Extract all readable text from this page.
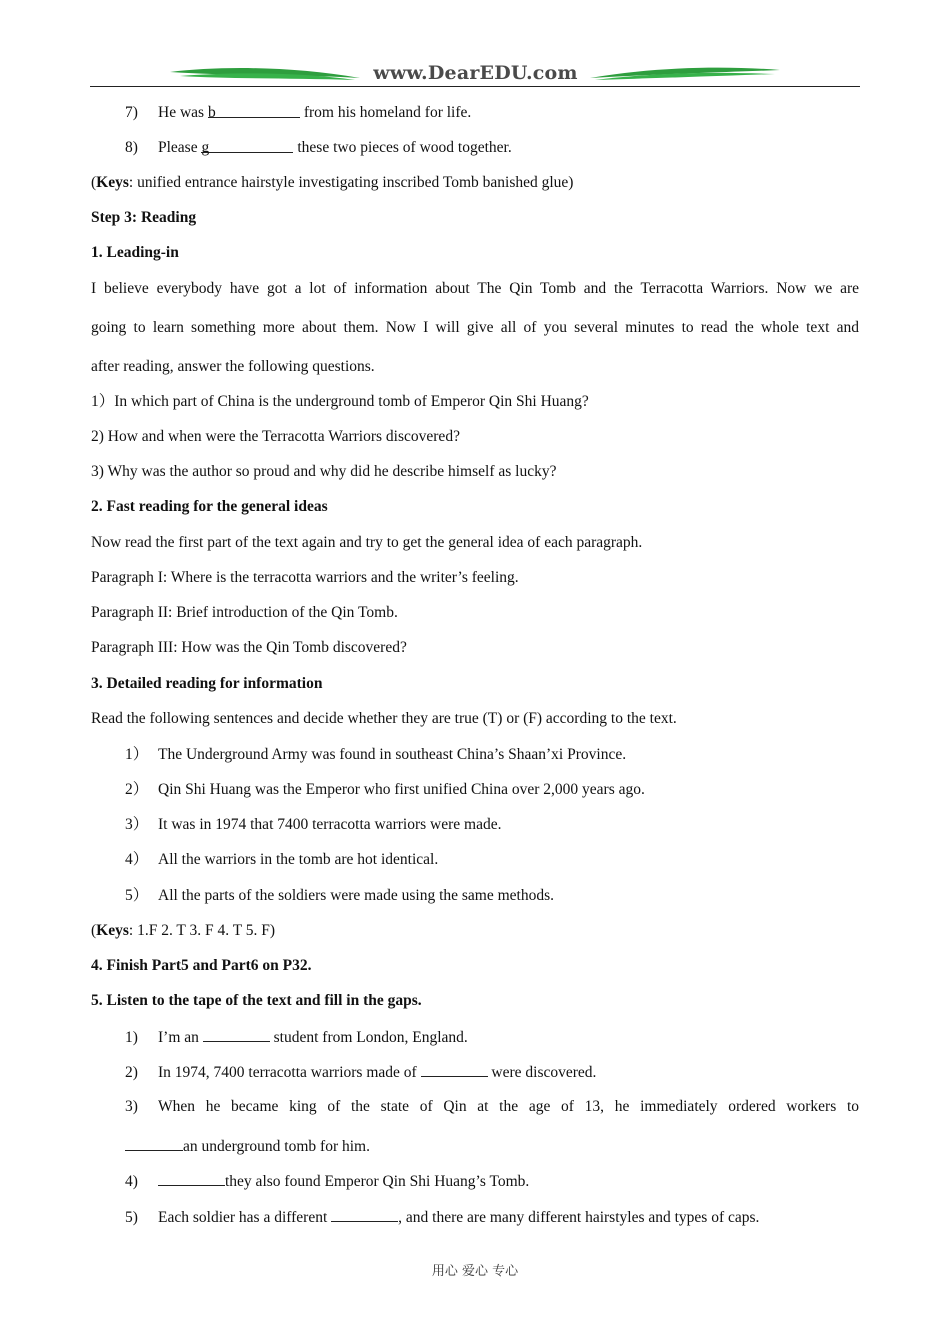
www.DearEDU.com
7) He was b	from his homeland for life.
8) Please g	these two pieces of wood together.
(Keys: unified entrance hairstyle investigating inscribed Tomb banished glue)
Step 3: Reading
1. Leading-in
I believe everybody have got a lot of information about The Qin Tomb and the Terracotta Warriors. Now we are
going to learn something more about them. Now I will give all of you several minutes to read the whole text and
after reading, answer the following questions.
1）In which part of China is the underground tomb of Emperor Qin Shi Huang?
2) How and when were the Terracotta Warriors discovered?
3) Why was the author so proud and why did he describe himself as lucky?
2. Fast reading for the general ideas
Now read the first part of the text again and try to get the general idea of each paragraph.
Paragraph I: Where is the terracotta warriors and the writer’s feeling.
Paragraph II: Brief introduction of the Qin Tomb.
Paragraph III: How was the Qin Tomb discovered?
3. Detailed reading for information
Read the following sentences and decide whether they are true (T) or (F) according to the text.
1） The Underground Army was found in southeast China’s Shaan’xi Province.
2） Qin Shi Huang was the Emperor who first unified China over 2,000 years ago.
3） It was in 1974 that 7400 terracotta warriors were made.
4） All the warriors in the tomb are hot identical.
5） All the parts of the soldiers were made using the same methods.
(Keys: 1.F 2. T 3. F 4. T 5. F)
4. Finish Part5 and Part6 on P32.
5. Listen to the tape of the text and fill in the gaps.
1) I’m an	student from London, England.
2) In 1974, 7400 terracotta warriors made of	were discovered.
3) When he became king of the state of Qin at the age of 13, he immediately ordered workers to
an underground tomb for him.
4)	they also found Emperor Qin Shi Huang’s Tomb.
5) Each soldier has a different	, and there are many different hairstyles and types of caps.
用心 爱心 专心
